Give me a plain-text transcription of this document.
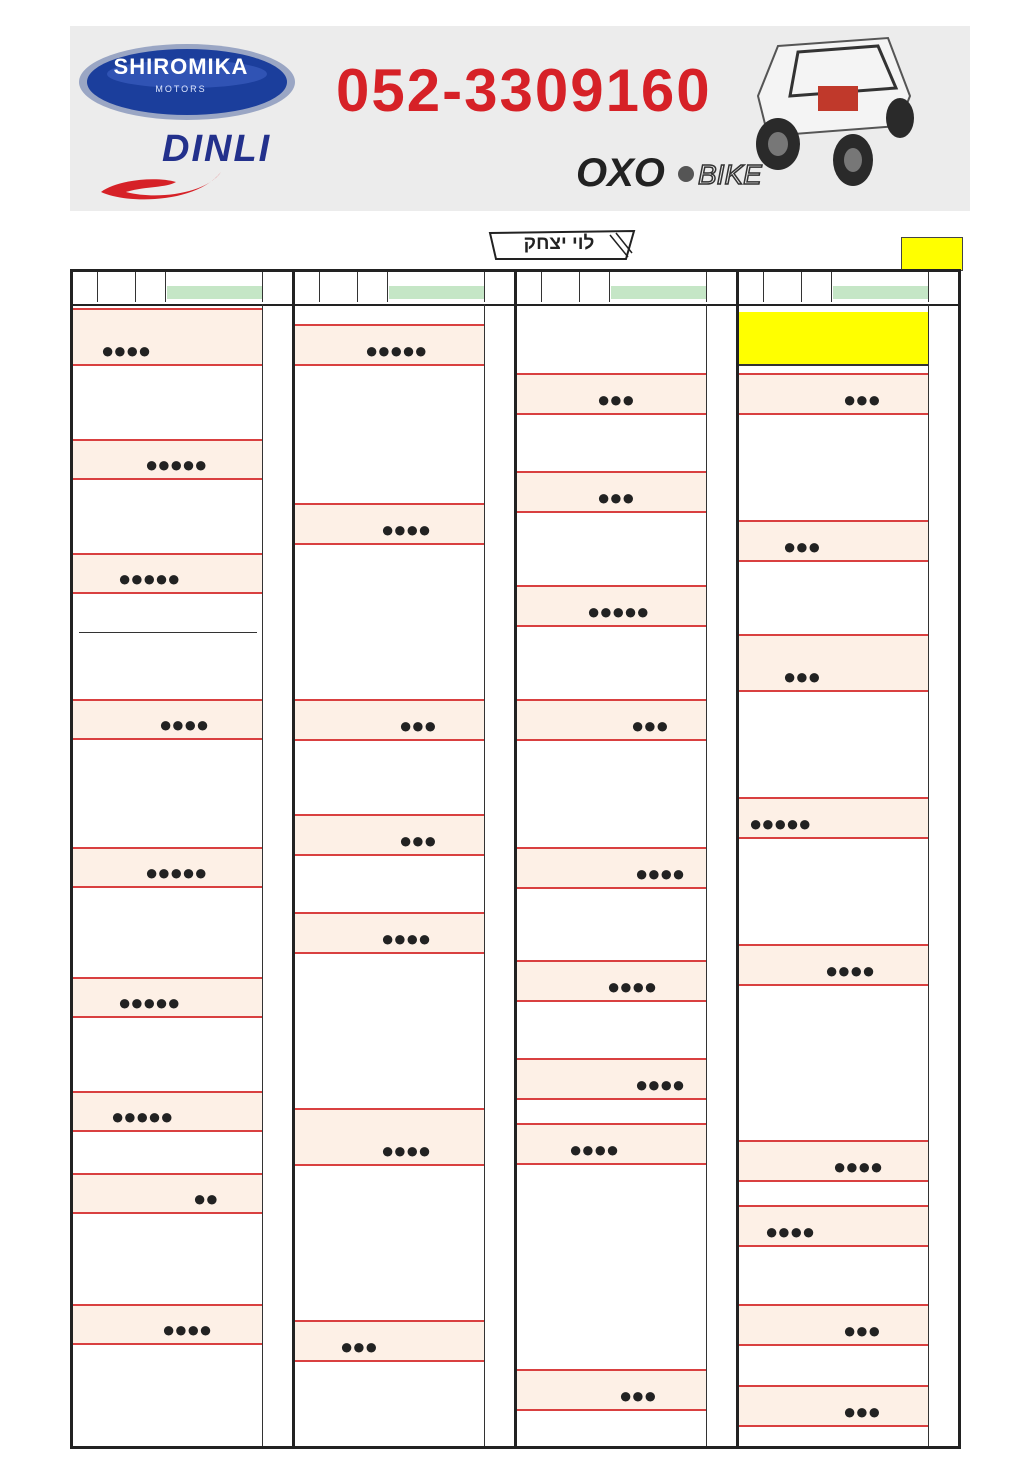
SHIROMIKA
MOTORS
DINLI
052-3309160
OXO BIKE
לוי יצחק
●●●●
●●●●●
●●●●●
●●●●
●●●●●
●●●●●
●●●●●
●●
●●●●
●●●●●
●●●●
●●●
●●●
●●●●
●●●●
●●●
●●●
●●●
●●●●●
●●●
●●●●
●●●●
●●●●
●●●●
●●●
●●●
●●●
●●●
●●●●●
●●●●
●●●●
●●●●
●●●
●●●
